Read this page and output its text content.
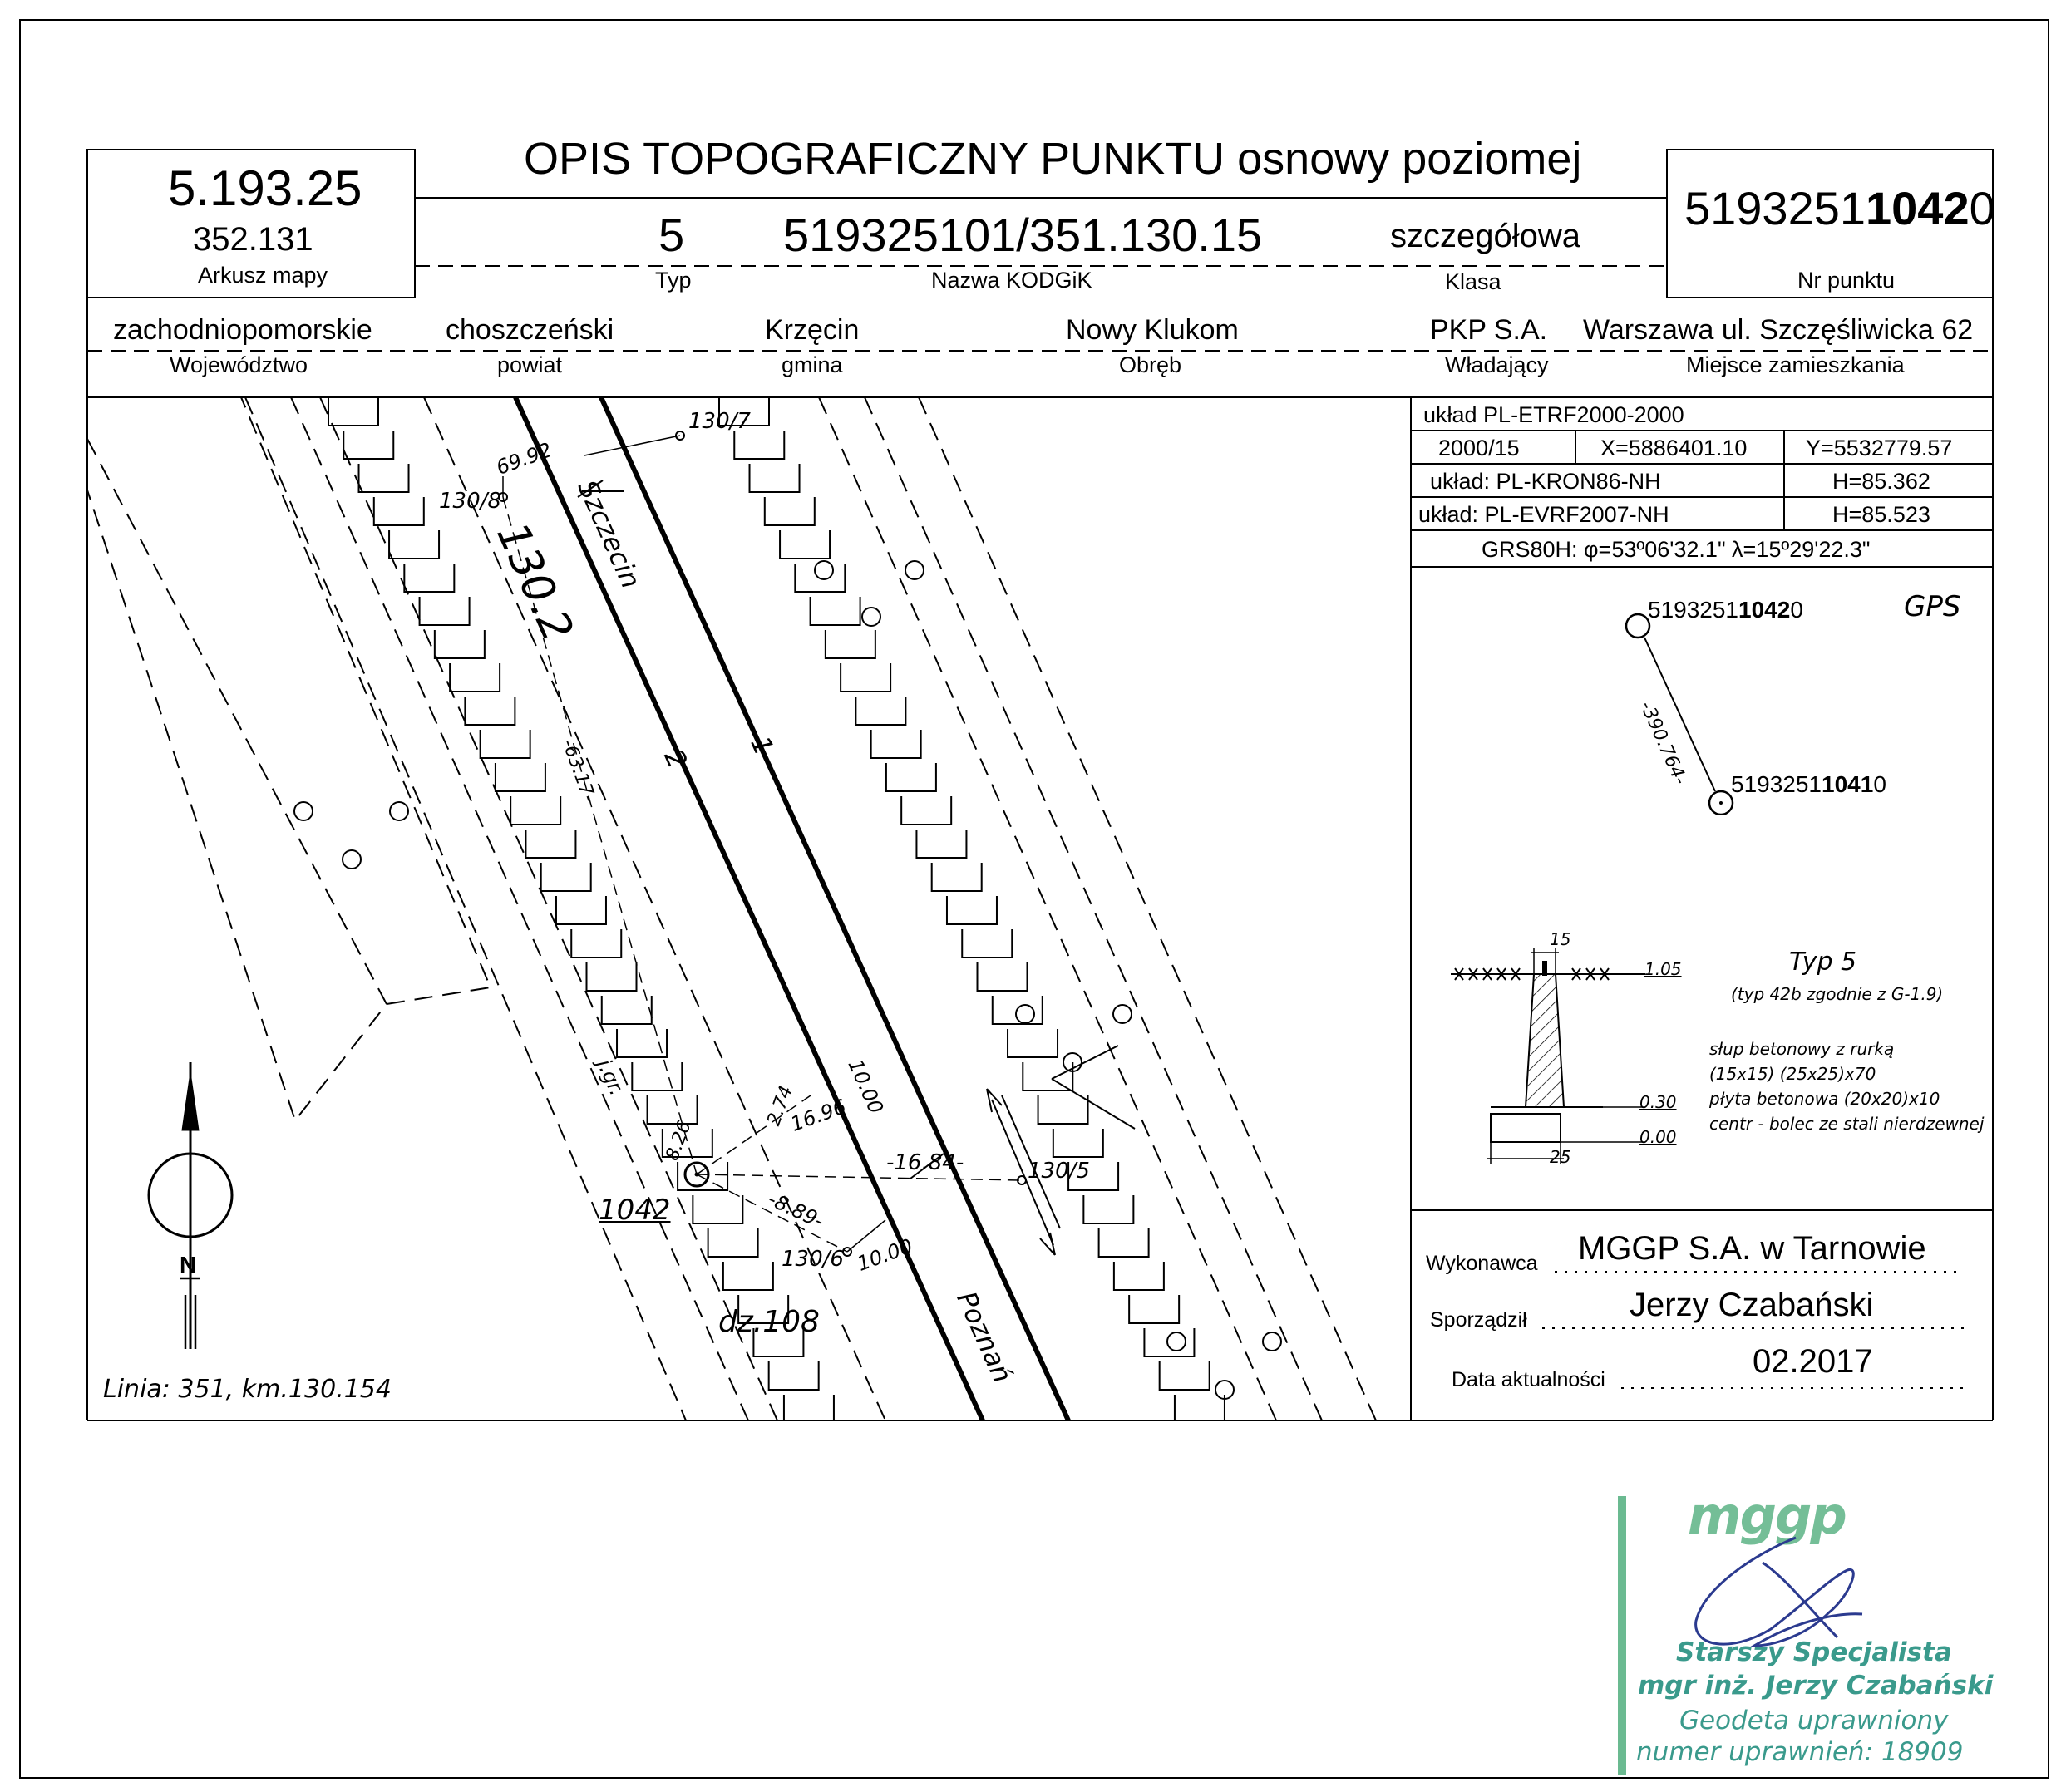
OPIS TOPOGRAFICZNY PUNKTU osnowy poziomej
5.193.25
352.131
Arkusz mapy
5
Typ
519325101/351.130.15
Nazwa KODGiK
szczegółowa
Klasa
519325110420
Nr punktu
zachodniopomorskie
Województwo
choszczeński
powiat
Krzęcin
gmina
Nowy Klukom
Obręb
PKP S.A.
Władający
Warszawa ul. Szczęśliwicka 62
Miejsce zamieszkania
układ PL-ETRF2000-2000
2000/15	X=5886401.10	Y=5532779.57
układ: PL-KRON86-NH	H=85.362
układ: PL-EVRF2007-NH	H=85.523
GRS80H: φ=53º06'32.1" λ=15º29'22.3"
519325110420
519325110410
GPS
-390.764-
15
25
1.05
0.30
0.00
Typ 5
(typ 42b zgodnie z G-1.9)
słup betonowy z rurką
(15x15) (25x25)x70
płyta betonowa (20x20)x10
centr - bolec ze stali nierdzewnej
Wykonawca MGGP S.A. w Tarnowie
Sporządził	Jerzy Czabański
Data aktualności	02.2017
Linia: 351, km.130.154
130.2
Szczecin
Poznań
2 1
1042
dz.108
j.gr.
N
130/7
130/8
130/5
130/6
69.92
-63.17-
-16.84-
16.96
2.74
8.26
-8.89-
10.00
10.00
mggp
Starszy Specjalista
mgr inż. Jerzy Czabański
Geodeta uprawniony
numer uprawnień: 18909
